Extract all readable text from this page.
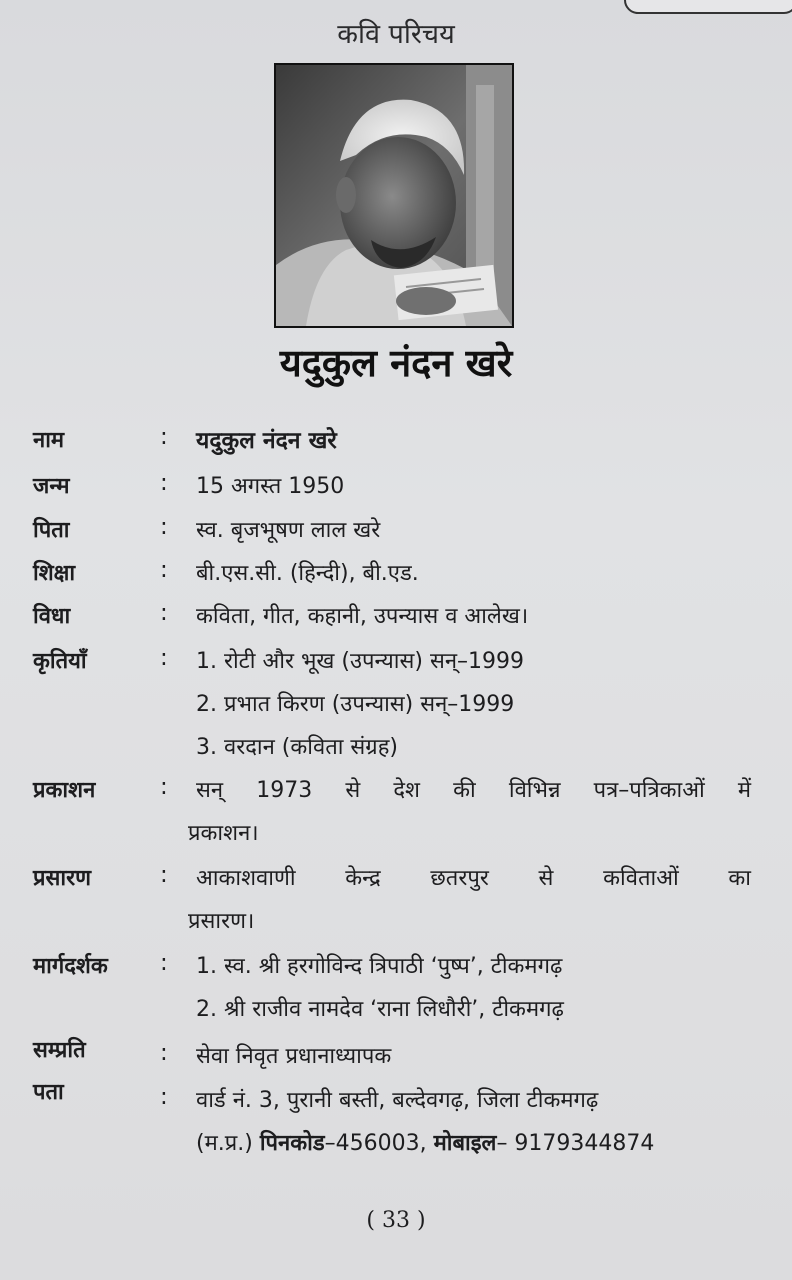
कवि परिचय
यदुकुल नंदन खरे
नाम	: यदुकुल नंदन खरे
जन्म	: 15 अगस्त 1950
पिता	: स्व. बृजभूषण लाल खरे
शिक्षा	: बी.एस.सी. (हिन्दी), बी.एड.
विधा	: कविता, गीत, कहानी, उपन्यास व आलेख।
कृतियाँ	: 1. रोटी और भूख (उपन्यास) सन्–1999
2. प्रभात किरण (उपन्यास) सन्–1999
3. वरदान (कविता संग्रह)
प्रकाशन	: सन् 1973 से देश की विभिन्न पत्र–पत्रिकाओं में
प्रकाशन।
प्रसारण	: आकाशवाणी केन्द्र छतरपुर से कविताओं का
प्रसारण।
मार्गदर्शक : 1. स्व. श्री हरगोविन्द त्रिपाठी ‘पुष्प’, टीकमगढ़
2. श्री राजीव नामदेव ‘राना लिधौरी’, टीकमगढ़
सम्प्रति	: सेवा निवृत प्रधानाध्यापक
पता	: वार्ड नं. 3, पुरानी बस्ती, बल्देवगढ़, जिला टीकमगढ़
(म.प्र.) पिनकोड–456003, मोबाइल– 9179344874
( 33 )
